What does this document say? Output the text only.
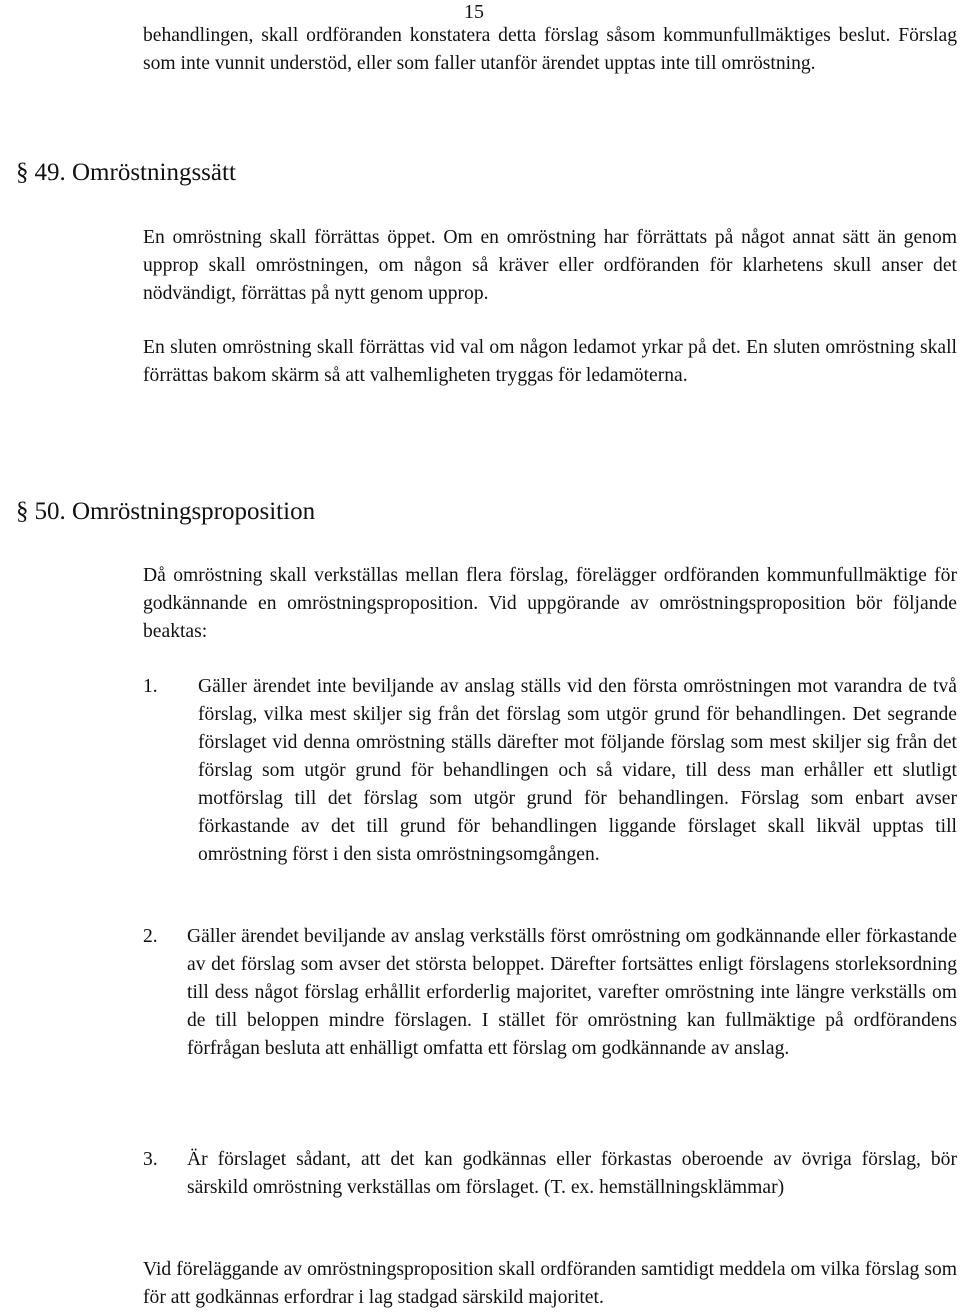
15

behandlingen, skall ordföranden konstatera detta förslag såsom kommunfullmäktiges beslut. Förslag som inte vunnit understöd, eller som faller utanför ärendet upptas inte till omröstning.

§ 49. Omröstningssätt

En omröstning skall förrättas öppet. Om en omröstning har förrättats på något annat sätt än genom upprop skall omröstningen, om någon så kräver eller ordföranden för klarhetens skull anser det nödvändigt, förrättas på nytt genom upprop.

En sluten omröstning skall förrättas vid val om någon ledamot yrkar på det. En sluten omröstning skall förrättas bakom skärm så att valhemligheten tryggas för ledamöterna.

§ 50. Omröstningsproposition

Då omröstning skall verkställas mellan flera förslag, förelägger ordföranden kommunfullmäktige för godkännande en omröstningsproposition. Vid uppgörande av omröstningsproposition bör följande beaktas:

1. Gäller ärendet inte beviljande av anslag ställs vid den första omröstningen mot varandra de två förslag, vilka mest skiljer sig från det förslag som utgör grund för behandlingen. Det segrande förslaget vid denna omröstning ställs därefter mot följande förslag som mest skiljer sig från det förslag som utgör grund för behandlingen och så vidare, till dess man erhåller ett slutligt motförslag till det förslag som utgör grund för behandlingen. Förslag som enbart avser förkastande av det till grund för behandlingen liggande förslaget skall likväl upptas till omröstning först i den sista omröstningsomgången.

2. Gäller ärendet beviljande av anslag verkställs först omröstning om godkännande eller förkastande av det förslag som avser det största beloppet. Därefter fortsättes enligt förslagens storleksordning till dess något förslag erhållit erforderlig majoritet, varefter omröstning inte längre verkställs om de till beloppen mindre förslagen. I stället för omröstning kan fullmäktige på ordförandens förfrågan besluta att enhälligt omfatta ett förslag om godkännande av anslag.

3. Är förslaget sådant, att det kan godkännas eller förkastas oberoende av övriga förslag, bör särskild omröstning verkställas om förslaget. (T. ex. hemställningsklämmar)

Vid föreläggande av omröstningsproposition skall ordföranden samtidigt meddela om vilka förslag som för att godkännas erfordrar i lag stadgad särskild majoritet.
